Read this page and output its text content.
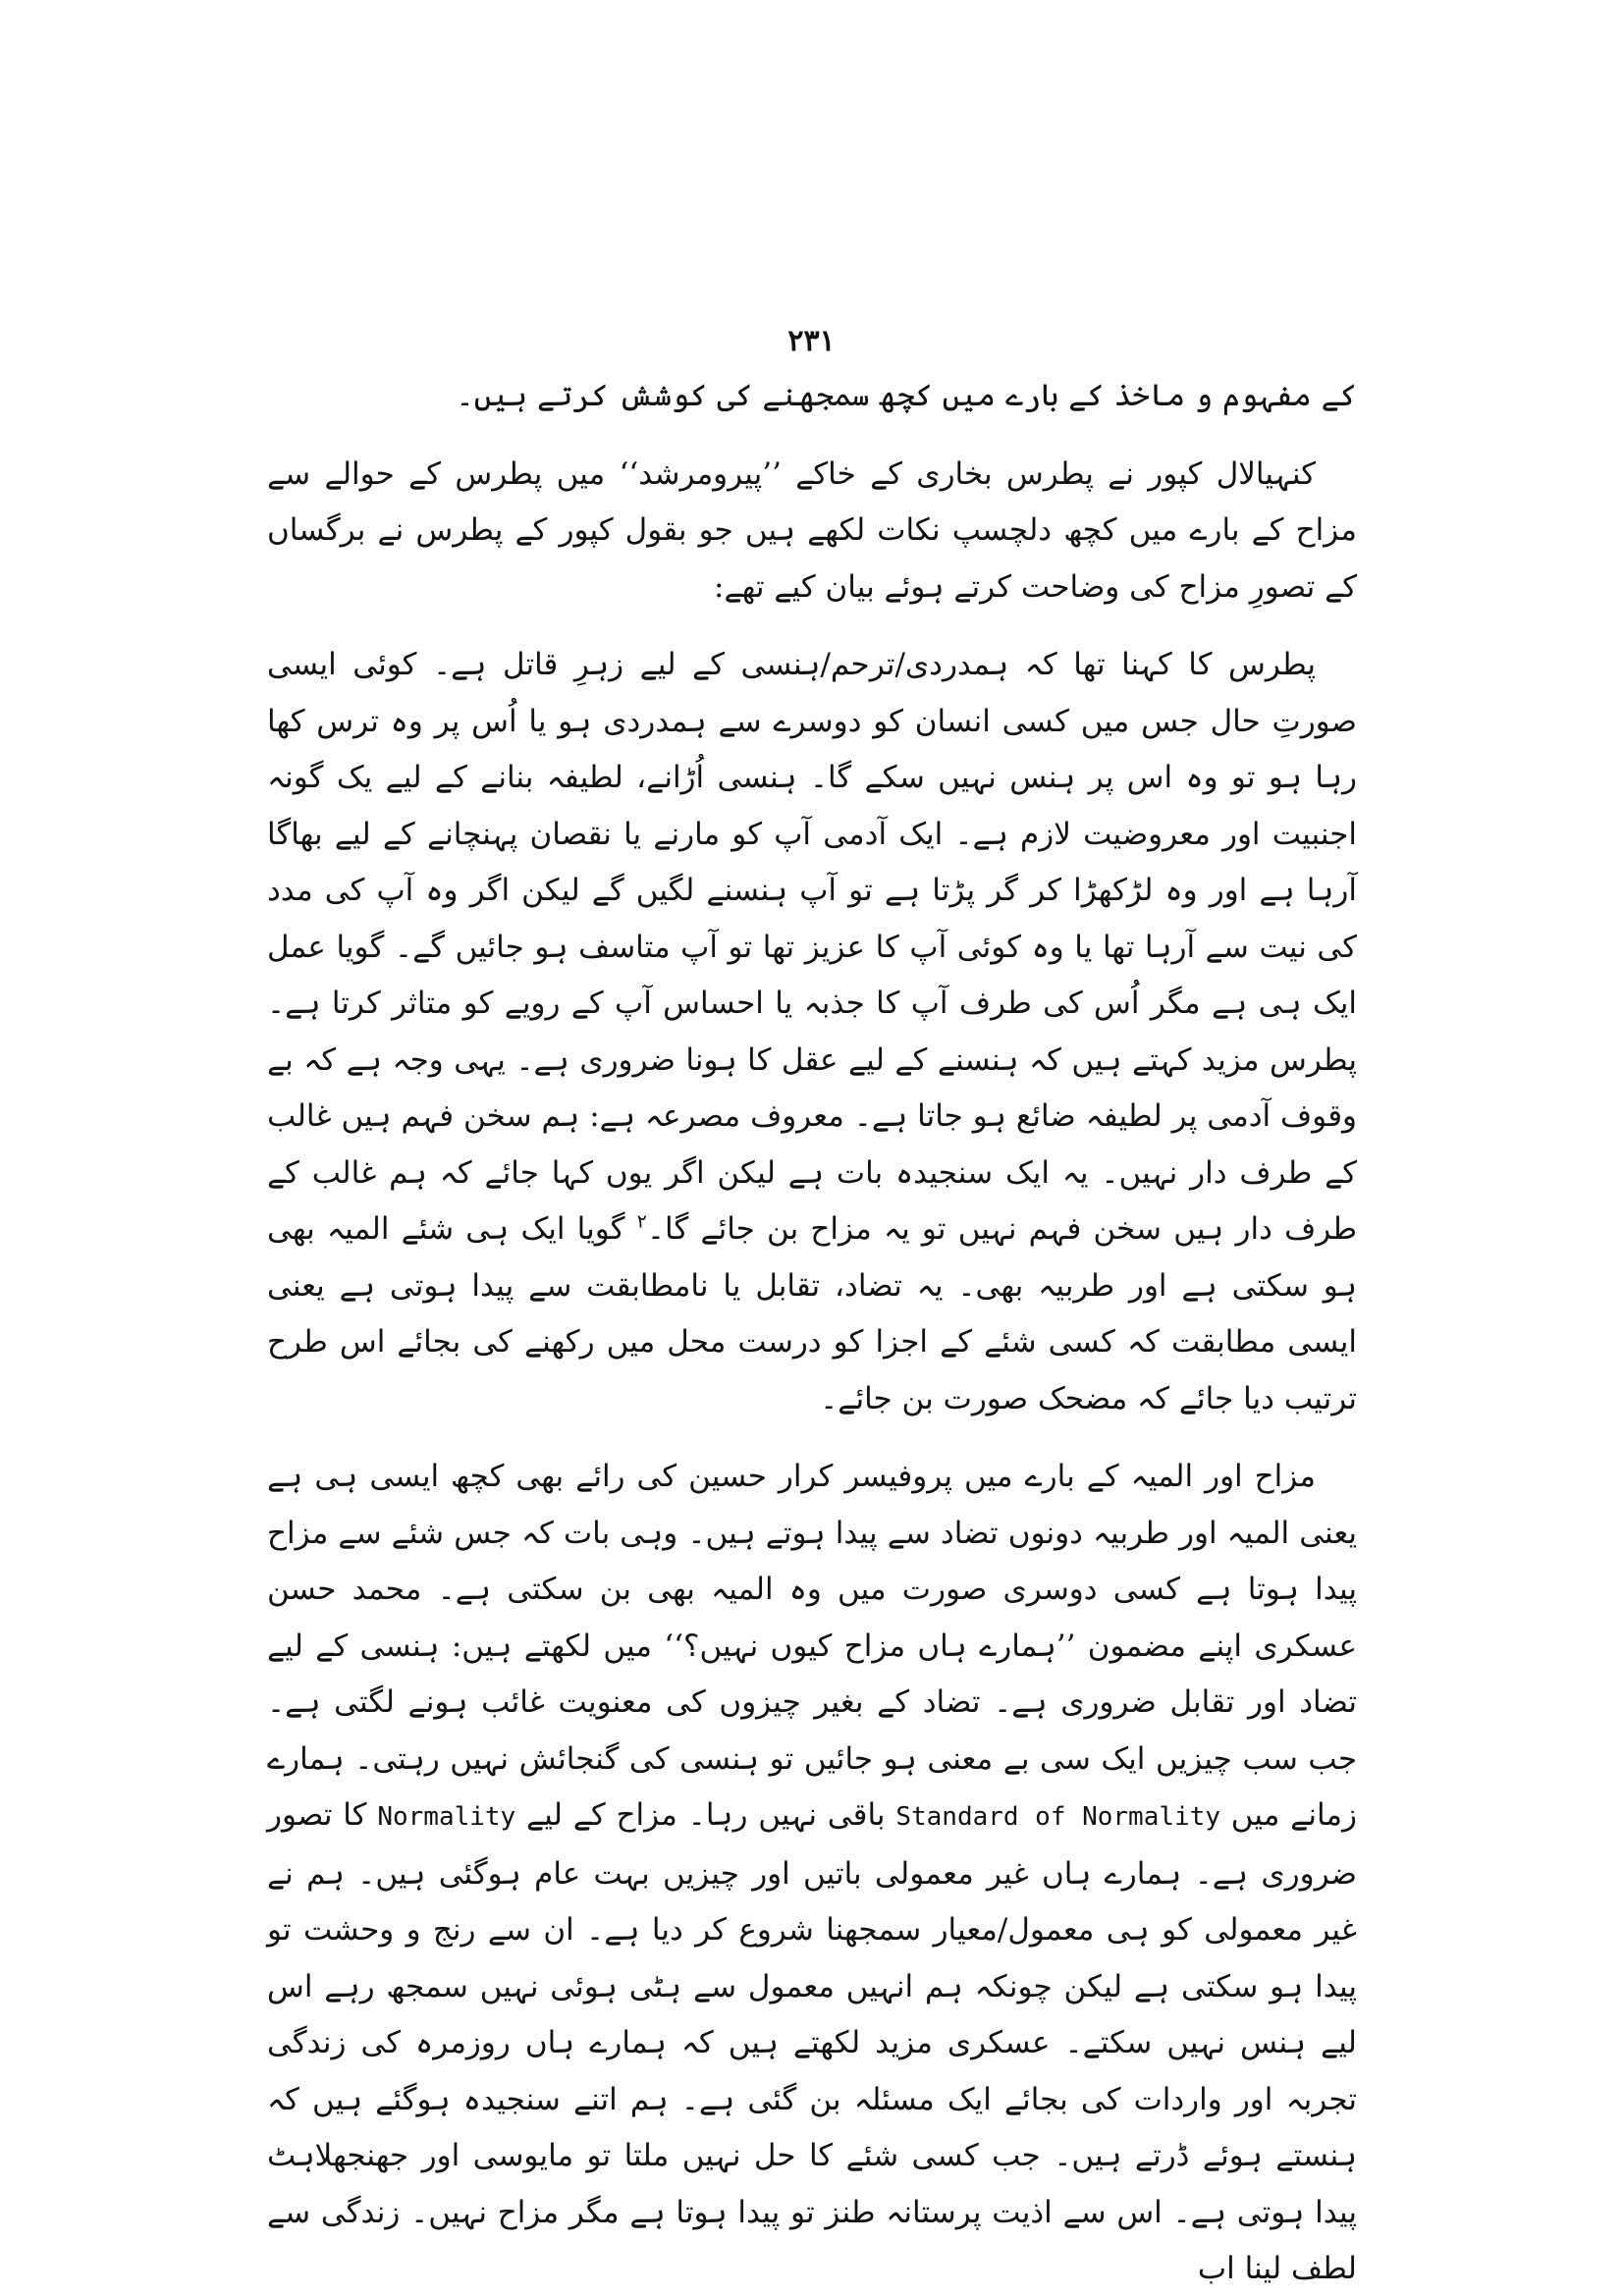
۲۳۱

کے مفہوم و ماخذ کے بارے میں کچھ سمجھنے کی کوشش کرتے ہیں۔

کنہیالال کپور نے پطرس بخاری کے خاکے ’’پیرومرشد‘‘ میں پطرس کے حوالے سے مزاح کے بارے میں کچھ دلچسپ نکات لکھے ہیں جو بقول کپور کے پطرس نے برگساں کے تصورِ مزاح کی وضاحت کرتے ہوئے بیان کیے تھے:

پطرس کا کہنا تھا کہ ہمدردی/ترحم/ہنسی کے لیے زہرِ قاتل ہے۔ کوئی ایسی صورتِ حال جس میں کسی انسان کو دوسرے سے ہمدردی ہو یا اُس پر وہ ترس کھا رہا ہو تو وہ اس پر ہنس نہیں سکے گا۔ ہنسی اُڑانے، لطیفہ بنانے کے لیے یک گونہ اجنبیت اور معروضیت لازم ہے۔ ایک آدمی آپ کو مارنے یا نقصان پہنچانے کے لیے بھاگا آرہا ہے اور وہ لڑکھڑا کر گر پڑتا ہے تو آپ ہنسنے لگیں گے لیکن اگر وہ آپ کی مدد کی نیت سے آرہا تھا یا وہ کوئی آپ کا عزیز تھا تو آپ متاسف ہو جائیں گے۔ گویا عمل ایک ہی ہے مگر اُس کی طرف آپ کا جذبہ یا احساس آپ کے رویے کو متاثر کرتا ہے۔ پطرس مزید کہتے ہیں کہ ہنسنے کے لیے عقل کا ہونا ضروری ہے۔ یہی وجہ ہے کہ بے وقوف آدمی پر لطیفہ ضائع ہو جاتا ہے۔ معروف مصرعہ ہے: ہم سخن فہم ہیں غالب کے طرف دار نہیں۔ یہ ایک سنجیدہ بات ہے لیکن اگر یوں کہا جائے کہ ہم غالب کے طرف دار ہیں سخن فہم نہیں تو یہ مزاح بن جائے گا۔$^۲$ گویا ایک ہی شئے المیہ بھی ہو سکتی ہے اور طربیہ بھی۔ یہ تضاد، تقابل یا نامطابقت سے پیدا ہوتی ہے یعنی ایسی مطابقت کہ کسی شئے کے اجزا کو درست محل میں رکھنے کی بجائے اس طرح ترتیب دیا جائے کہ مضحک صورت بن جائے۔

مزاح اور المیہ کے بارے میں پروفیسر کرار حسین کی رائے بھی کچھ ایسی ہی ہے یعنی المیہ اور طربیہ دونوں تضاد سے پیدا ہوتے ہیں۔ وہی بات کہ جس شئے سے مزاح پیدا ہوتا ہے کسی دوسری صورت میں وہ المیہ بھی بن سکتی ہے۔ محمد حسن عسکری اپنے مضمون ’’ہمارے ہاں مزاح کیوں نہیں؟‘‘ میں لکھتے ہیں: ہنسی کے لیے تضاد اور تقابل ضروری ہے۔ تضاد کے بغیر چیزوں کی معنویت غائب ہونے لگتی ہے۔ جب سب چیزیں ایک سی بے معنی ہو جائیں تو ہنسی کی گنجائش نہیں رہتی۔ ہمارے زمانے میں Standard of Normality باقی نہیں رہا۔ مزاح کے لیے Normality کا تصور ضروری ہے۔ ہمارے ہاں غیر معمولی باتیں اور چیزیں بہت عام ہوگئی ہیں۔ ہم نے غیر معمولی کو ہی معمول/معیار سمجھنا شروع کر دیا ہے۔ ان سے رنج و وحشت تو پیدا ہو سکتی ہے لیکن چونکہ ہم انہیں معمول سے ہٹی ہوئی نہیں سمجھ رہے اس لیے ہنس نہیں سکتے۔ عسکری مزید لکھتے ہیں کہ ہمارے ہاں روزمرہ کی زندگی تجربہ اور واردات کی بجائے ایک مسئلہ بن گئی ہے۔ ہم اتنے سنجیدہ ہوگئے ہیں کہ ہنستے ہوئے ڈرتے ہیں۔ جب کسی شئے کا حل نہیں ملتا تو مایوسی اور جھنجھلاہٹ پیدا ہوتی ہے۔ اس سے اذیت پرستانہ طنز تو پیدا ہوتا ہے مگر مزاح نہیں۔ زندگی سے لطف لینا اب
